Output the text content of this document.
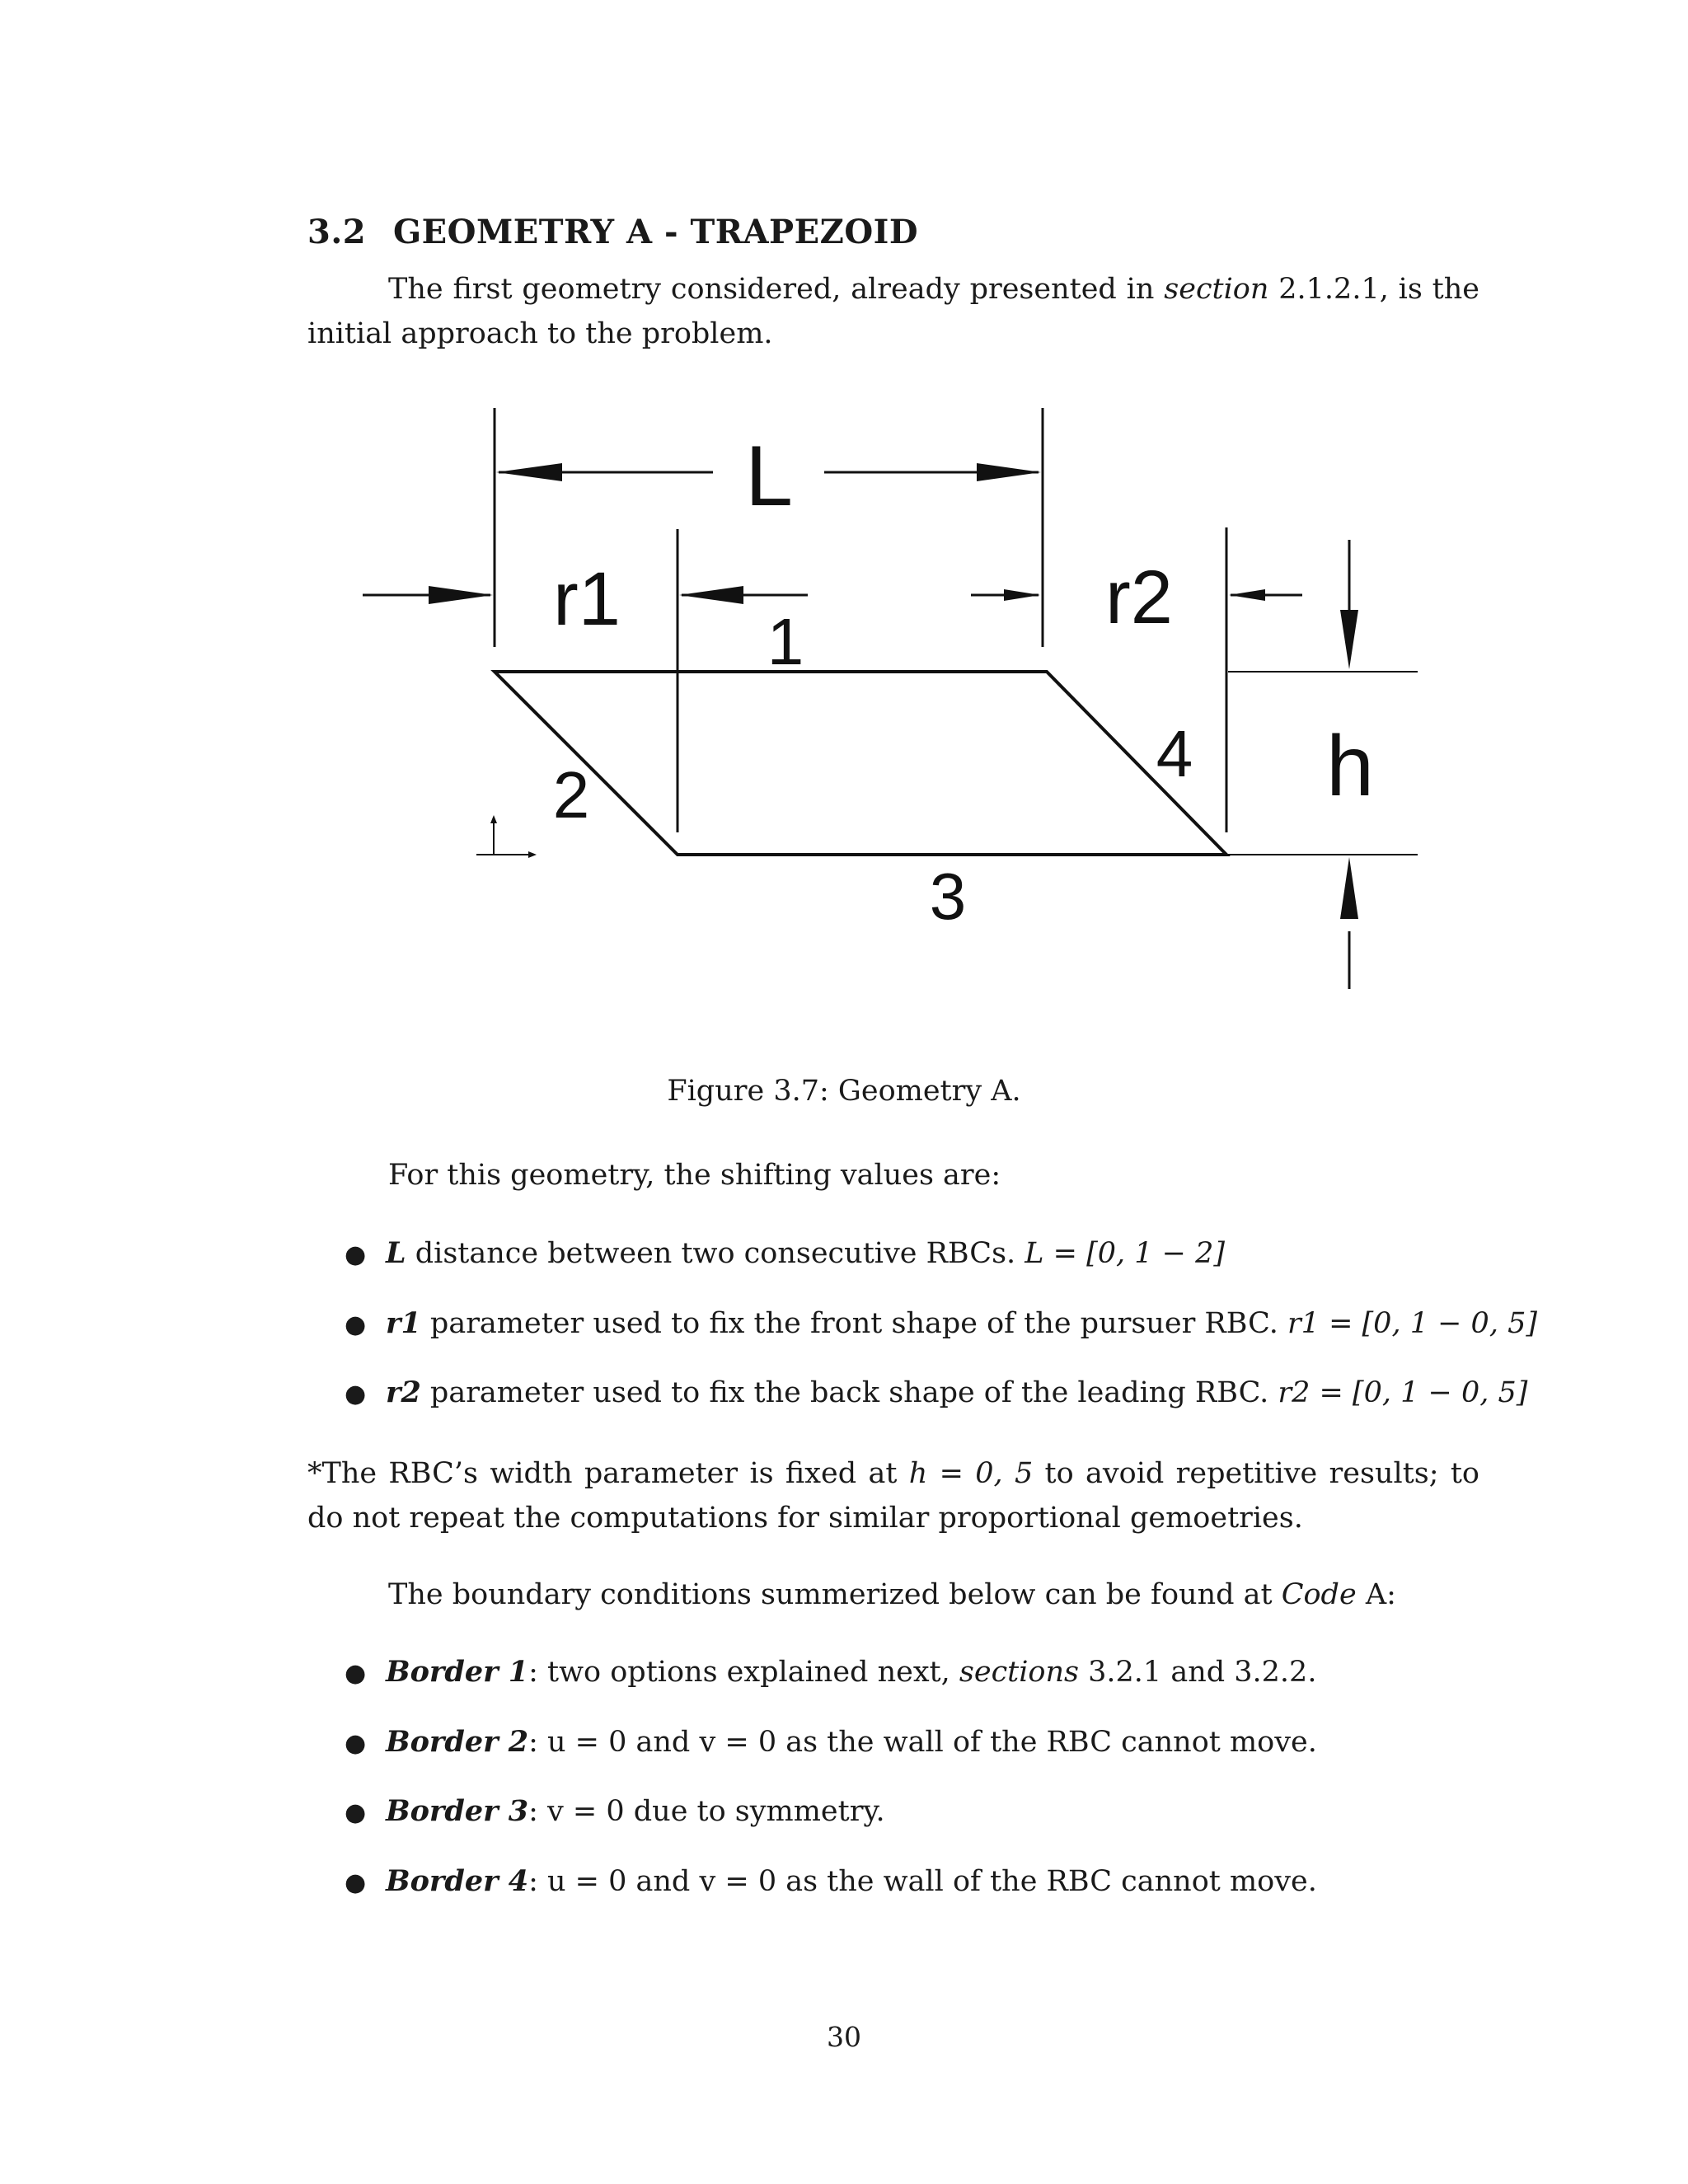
3.2 GEOMETRY A - TRAPEZOID
The first geometry considered, already presented in section 2.1.2.1, is the initial approach to the problem.
L
r1	r2
1
2
3
4 h
Figure 3.7: Geometry A.
For this geometry, the shifting values are:
● L distance between two consecutive RBCs. L = [0, 1 − 2]
● r1 parameter used to fix the front shape of the pursuer RBC. r1 = [0, 1 − 0, 5]
● r2 parameter used to fix the back shape of the leading RBC. r2 = [0, 1 − 0, 5]
*The RBC’s width parameter is fixed at h = 0, 5 to avoid repetitive results; to do not repeat the computations for similar proportional gemoetries.
The boundary conditions summerized below can be found at Code A:
● Border 1: two options explained next, sections 3.2.1 and 3.2.2.
● Border 2: u = 0 and v = 0 as the wall of the RBC cannot move.
● Border 3: v = 0 due to symmetry.
● Border 4: u = 0 and v = 0 as the wall of the RBC cannot move.
30
